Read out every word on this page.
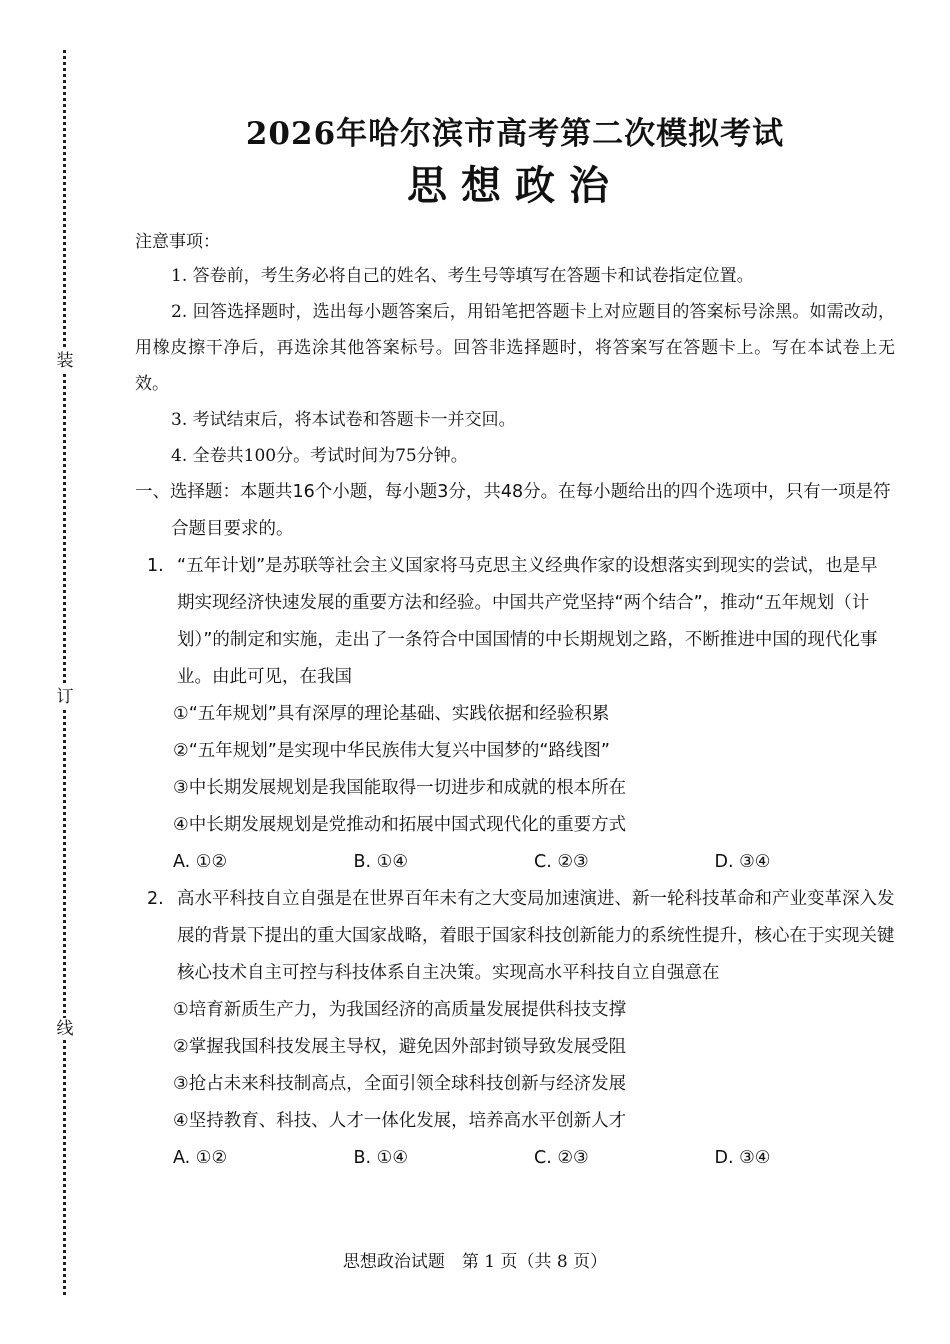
装
订
线
2026年哈尔滨市高考第二次模拟考试
思想政治
注意事项：

1. 答卷前，考生务必将自己的姓名、考生号等填写在答题卡和试卷指定位置。

2. 回答选择题时，选出每小题答案后，用铅笔把答题卡上对应题目的答案标号涂黑。如需改动，用橡皮擦干净后，再选涂其他答案标号。回答非选择题时，将答案写在答题卡上。写在本试卷上无效。

3. 考试结束后，将本试卷和答题卡一并交回。

4. 全卷共100分。考试时间为75分钟。

一、选择题：本题共16个小题，每小题3分，共48分。在每小题给出的四个选项中，只有一项是符合题目要求的。
1. “五年计划”是苏联等社会主义国家将马克思主义经典作家的设想落实到现实的尝试，也是早期实现经济快速发展的重要方法和经验。中国共产党坚持“两个结合”，推动“五年规划（计划）”的制定和实施，走出了一条符合中国国情的中长期规划之路，不断推进中国的现代化事业。由此可见，在我国
①“五年规划”具有深厚的理论基础、实践依据和经验积累
②“五年规划”是实现中华民族伟大复兴中国梦的“路线图”
③中长期发展规划是我国能取得一切进步和成就的根本所在
④中长期发展规划是党推动和拓展中国式现代化的重要方式
A. ①②	B. ①④	C. ②③	D. ③④
2. 高水平科技自立自强是在世界百年未有之大变局加速演进、新一轮科技革命和产业变革深入发展的背景下提出的重大国家战略，着眼于国家科技创新能力的系统性提升，核心在于实现关键核心技术自主可控与科技体系自主决策。实现高水平科技自立自强意在
①培育新质生产力，为我国经济的高质量发展提供科技支撑
②掌握我国科技发展主导权，避免因外部封锁导致发展受阻
③抢占未来科技制高点，全面引领全球科技创新与经济发展
④坚持教育、科技、人才一体化发展，培养高水平创新人才
A. ①②	B. ①④	C. ②③	D. ③④
思想政治试题　第 1 页（共 8 页）
